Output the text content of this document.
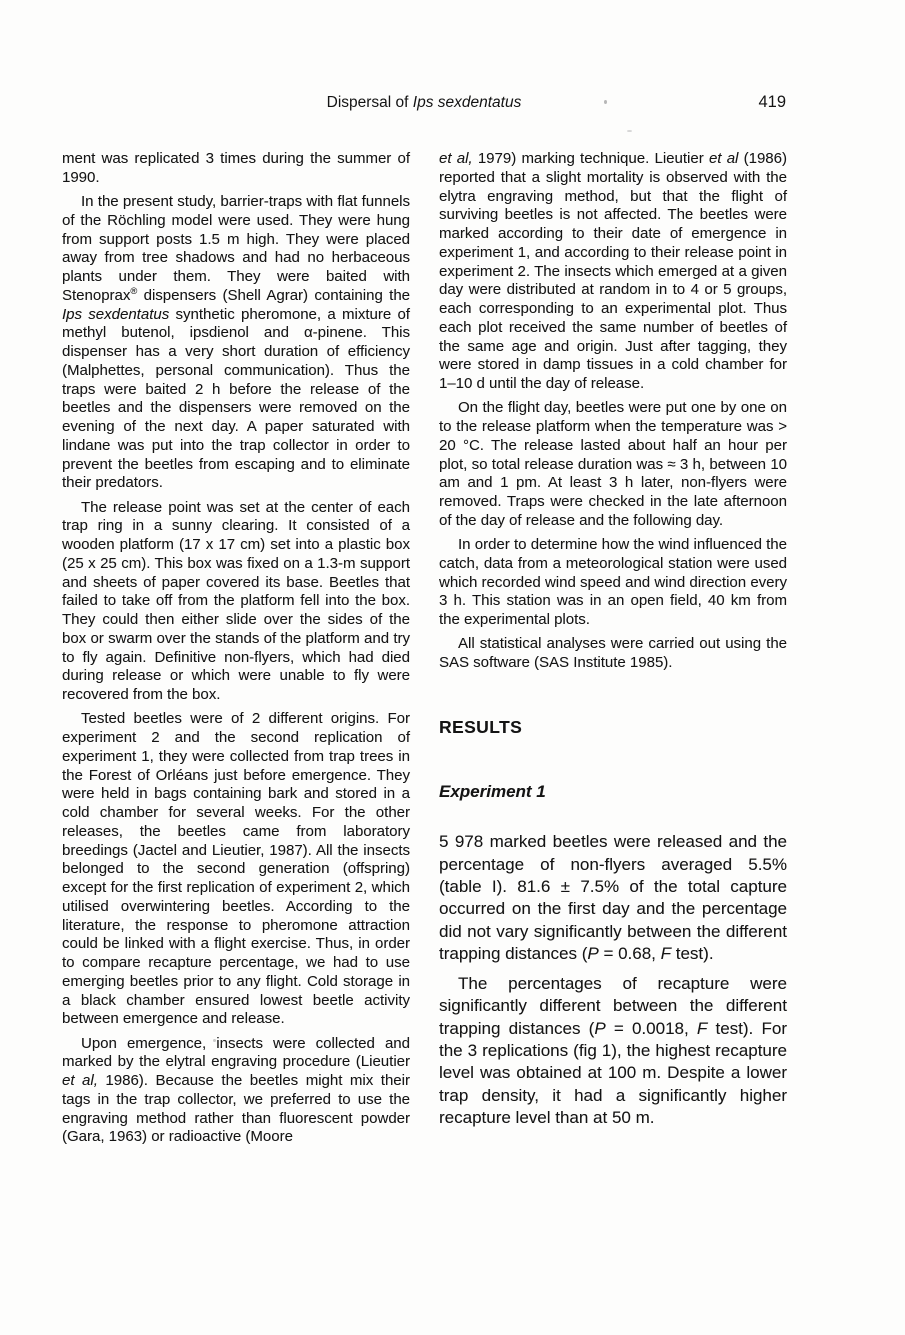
Dispersal of Ips sexdentatus	419

ment was replicated 3 times during the summer of 1990.

In the present study, barrier-traps with flat funnels of the Röchling model were used. They were hung from support posts 1.5 m high. They were placed away from tree shadows and had no herbaceous plants under them. They were baited with Stenoprax® dispensers (Shell Agrar) containing the Ips sexdentatus synthetic pheromone, a mixture of methyl butenol, ipsdienol and α-pinene. This dispenser has a very short duration of efficiency (Malphettes, personal communication). Thus the traps were baited 2 h before the release of the beetles and the dispensers were removed on the evening of the next day. A paper saturated with lindane was put into the trap collector in order to prevent the beetles from escaping and to eliminate their predators.

The release point was set at the center of each trap ring in a sunny clearing. It consisted of a wooden platform (17 x 17 cm) set into a plastic box (25 x 25 cm). This box was fixed on a 1.3-m support and sheets of paper covered its base. Beetles that failed to take off from the platform fell into the box. They could then either slide over the sides of the box or swarm over the stands of the platform and try to fly again. Definitive non-flyers, which had died during release or which were unable to fly were recovered from the box.

Tested beetles were of 2 different origins. For experiment 2 and the second replication of experiment 1, they were collected from trap trees in the Forest of Orléans just before emergence. They were held in bags containing bark and stored in a cold chamber for several weeks. For the other releases, the beetles came from laboratory breedings (Jactel and Lieutier, 1987). All the insects belonged to the second generation (offspring) except for the first replication of experiment 2, which utilised overwintering beetles. According to the literature, the response to pheromone attraction could be linked with a flight exercise. Thus, in order to compare recapture percentage, we had to use emerging beetles prior to any flight. Cold storage in a black chamber ensured lowest beetle activity between emergence and release.

Upon emergence, insects were collected and marked by the elytral engraving procedure (Lieutier et al, 1986). Because the beetles might mix their tags in the trap collector, we preferred to use the engraving method rather than fluorescent powder (Gara, 1963) or radioactive (Moore

et al, 1979) marking technique. Lieutier et al (1986) reported that a slight mortality is observed with the elytra engraving method, but that the flight of surviving beetles is not affected. The beetles were marked according to their date of emergence in experiment 1, and according to their release point in experiment 2. The insects which emerged at a given day were distributed at random in to 4 or 5 groups, each corresponding to an experimental plot. Thus each plot received the same number of beetles of the same age and origin. Just after tagging, they were stored in damp tissues in a cold chamber for 1–10 d until the day of release.

On the flight day, beetles were put one by one on to the release platform when the temperature was > 20 °C. The release lasted about half an hour per plot, so total release duration was ≈ 3 h, between 10 am and 1 pm. At least 3 h later, non-flyers were removed. Traps were checked in the late afternoon of the day of release and the following day.

In order to determine how the wind influenced the catch, data from a meteorological station were used which recorded wind speed and wind direction every 3 h. This station was in an open field, 40 km from the experimental plots.

All statistical analyses were carried out using the SAS software (SAS Institute 1985).

RESULTS
Experiment 1

5 978 marked beetles were released and the percentage of non-flyers averaged 5.5% (table I). 81.6 ± 7.5% of the total capture occurred on the first day and the percentage did not vary significantly between the different trapping distances (P = 0.68, F test).

The percentages of recapture were significantly different between the different trapping distances (P = 0.0018, F test). For the 3 replications (fig 1), the highest recapture level was obtained at 100 m. Despite a lower trap density, it had a significantly higher recapture level than at 50 m.
